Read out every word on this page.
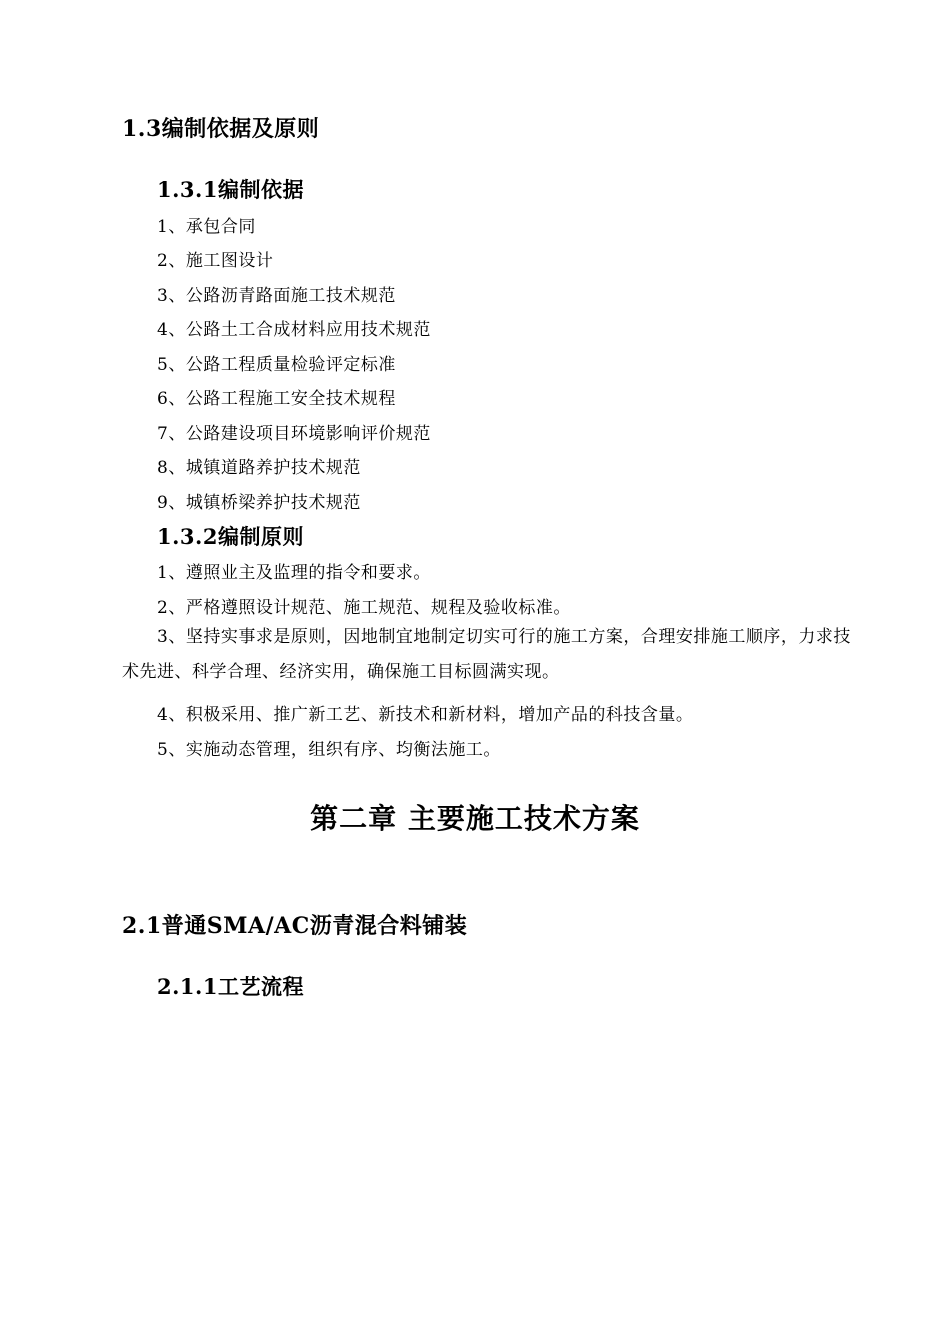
1.3编制依据及原则
1.3.1编制依据
1、承包合同
2、施工图设计
3、公路沥青路面施工技术规范
4、公路土工合成材料应用技术规范
5、公路工程质量检验评定标准
6、公路工程施工安全技术规程
7、公路建设项目环境影响评价规范
8、城镇道路养护技术规范
9、城镇桥梁养护技术规范
1.3.2编制原则
1、遵照业主及监理的指令和要求。
2、严格遵照设计规范、施工规范、规程及验收标准。
3、坚持实事求是原则，因地制宜地制定切实可行的施工方案，合理安排施工顺序，力求技术先进、科学合理、经济实用，确保施工目标圆满实现。
4、积极采用、推广新工艺、新技术和新材料，增加产品的科技含量。
5、实施动态管理，组织有序、均衡法施工。
第二章 主要施工技术方案
2.1普通SMA/AC沥青混合料铺装
2.1.1工艺流程
